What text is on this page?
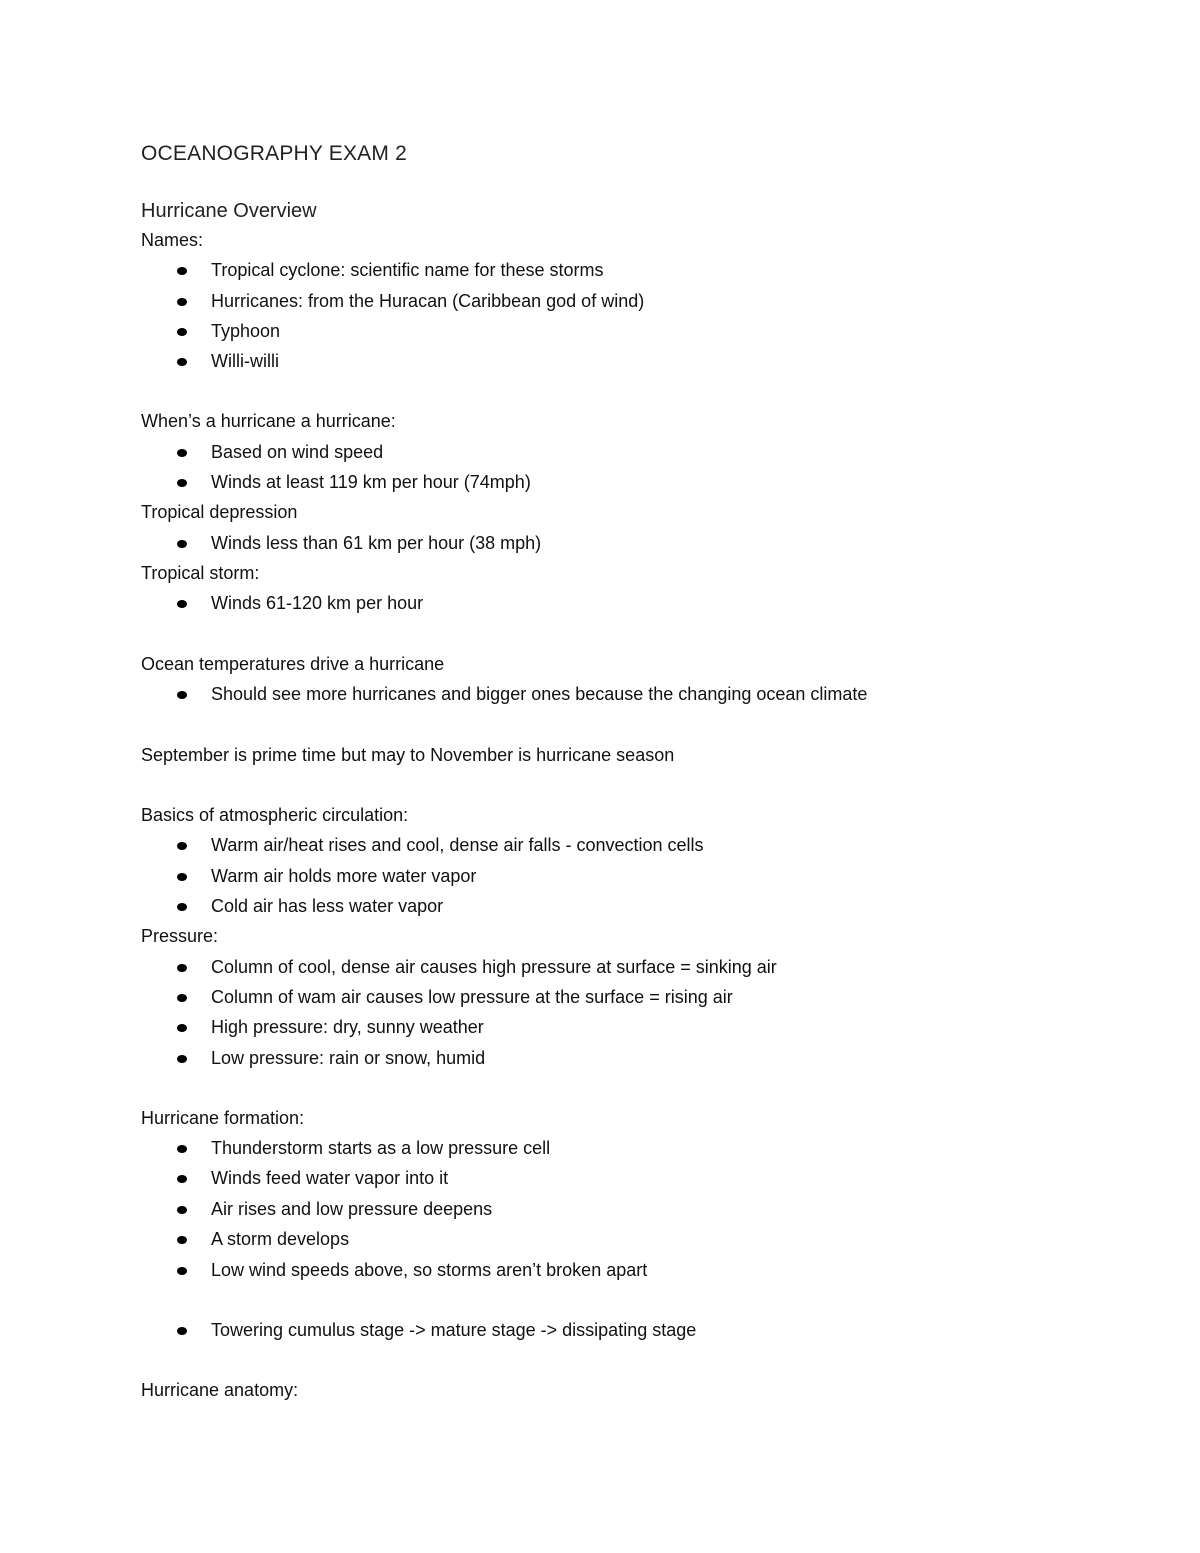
OCEANOGRAPHY EXAM 2
Hurricane Overview
Names:
Tropical cyclone: scientific name for these storms
Hurricanes: from the Huracan (Caribbean god of wind)
Typhoon
Willi-willi
When’s a hurricane a hurricane:
Based on wind speed
Winds at least 119 km per hour (74mph)
Tropical depression
Winds less than 61 km per hour (38 mph)
Tropical storm:
Winds 61-120 km per hour
Ocean temperatures drive a hurricane
Should see more hurricanes and bigger ones because the changing ocean climate
September is prime time but may to November is hurricane season
Basics of atmospheric circulation:
Warm air/heat rises and cool, dense air falls - convection cells
Warm air holds more water vapor
Cold air has less water vapor
Pressure:
Column of cool, dense air causes high pressure at surface = sinking air
Column of wam air causes low pressure at the surface = rising air
High pressure: dry, sunny weather
Low pressure: rain or snow, humid
Hurricane formation:
Thunderstorm starts as a low pressure cell
Winds feed water vapor into it
Air rises and low pressure deepens
A storm develops
Low wind speeds above, so storms aren’t broken apart
Towering cumulus stage -> mature stage -> dissipating stage
Hurricane anatomy:
